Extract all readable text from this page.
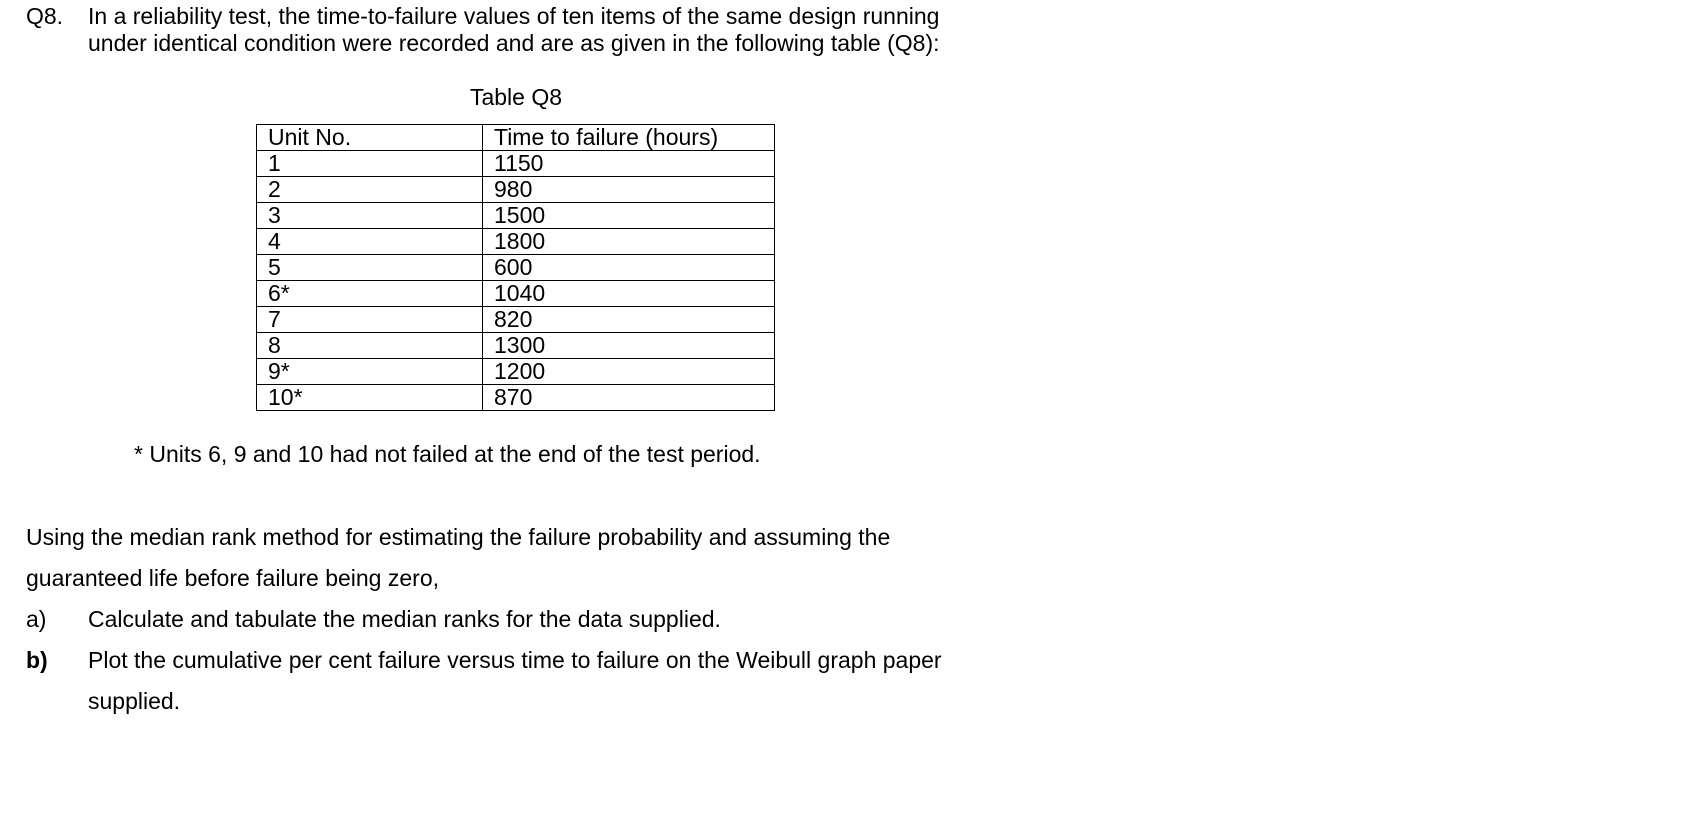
Q8. In a reliability test, the time-to-failure values of ten items of the same design running
under identical condition were recorded and are as given in the following table (Q8):
Table Q8
Unit No.	Time to failure (hours)
1	1150
2	980
3	1500
4	1800
5	600
6*	1040
7	820
8	1300
9*	1200
10*	870
* Units 6, 9 and 10 had not failed at the end of the test period.
Using the median rank method for estimating the failure probability and assuming the
guaranteed life before failure being zero,
a) Calculate and tabulate the median ranks for the data supplied.
b) Plot the cumulative per cent failure versus time to failure on the Weibull graph paper
supplied.
